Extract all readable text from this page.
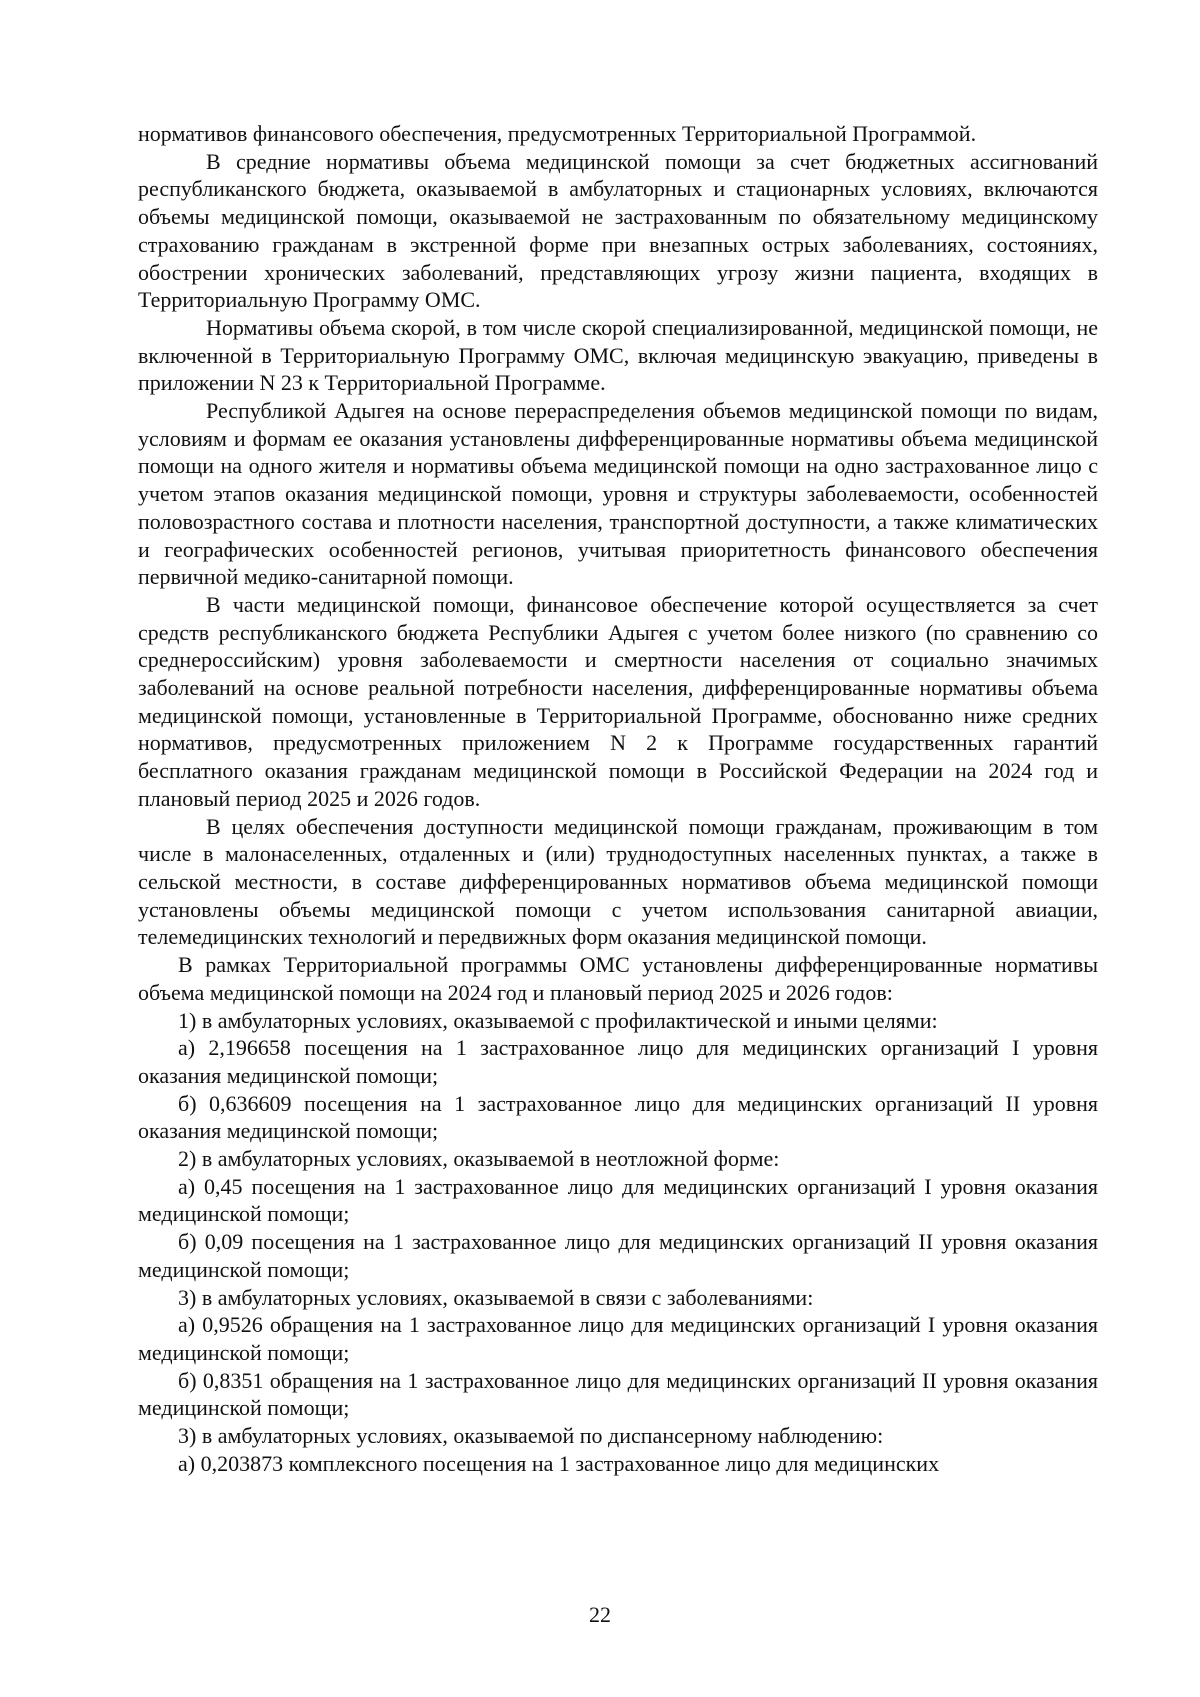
нормативов финансового обеспечения, предусмотренных Территориальной Программой.

В средние нормативы объема медицинской помощи за счет бюджетных ассигнований республиканского бюджета, оказываемой в амбулаторных и стационарных условиях, включаются объемы медицинской помощи, оказываемой не застрахованным по обязательному медицинскому страхованию гражданам в экстренной форме при внезапных острых заболеваниях, состояниях, обострении хронических заболеваний, представляющих угрозу жизни пациента, входящих в Территориальную Программу ОМС.

Нормативы объема скорой, в том числе скорой специализированной, медицинской помощи, не включенной в Территориальную Программу ОМС, включая медицинскую эвакуацию, приведены в приложении N 23 к Территориальной Программе.

Республикой Адыгея на основе перераспределения объемов медицинской помощи по видам, условиям и формам ее оказания установлены дифференцированные нормативы объема медицинской помощи на одного жителя и нормативы объема медицинской помощи на одно застрахованное лицо с учетом этапов оказания медицинской помощи, уровня и структуры заболеваемости, особенностей половозрастного состава и плотности населения, транспортной доступности, а также климатических и географических особенностей регионов, учитывая приоритетность финансового обеспечения первичной медико-санитарной помощи.

В части медицинской помощи, финансовое обеспечение которой осуществляется за счет средств республиканского бюджета Республики Адыгея с учетом более низкого (по сравнению со среднероссийским) уровня заболеваемости и смертности населения от социально значимых заболеваний на основе реальной потребности населения, дифференцированные нормативы объема медицинской помощи, установленные в Территориальной Программе, обоснованно ниже средних нормативов, предусмотренных приложением N 2 к Программе государственных гарантий бесплатного оказания гражданам медицинской помощи в Российской Федерации на 2024 год и плановый период 2025 и 2026 годов.

В целях обеспечения доступности медицинской помощи гражданам, проживающим в том числе в малонаселенных, отдаленных и (или) труднодоступных населенных пунктах, а также в сельской местности, в составе дифференцированных нормативов объема медицинской помощи установлены объемы медицинской помощи с учетом использования санитарной авиации, телемедицинских технологий и передвижных форм оказания медицинской помощи.

В рамках Территориальной программы ОМС установлены дифференцированные нормативы объема медицинской помощи на 2024 год и плановый период 2025 и 2026 годов:

1) в амбулаторных условиях, оказываемой с профилактической и иными целями:

а) 2,196658 посещения на 1 застрахованное лицо для медицинских организаций I уровня оказания медицинской помощи;

б) 0,636609 посещения на 1 застрахованное лицо для медицинских организаций II уровня оказания медицинской помощи;

2) в амбулаторных условиях, оказываемой в неотложной форме:

а) 0,45 посещения на 1 застрахованное лицо для медицинских организаций I уровня оказания медицинской помощи;

б) 0,09 посещения на 1 застрахованное лицо для медицинских организаций II уровня оказания медицинской помощи;

3) в амбулаторных условиях, оказываемой в связи с заболеваниями:

а) 0,9526 обращения на 1 застрахованное лицо для медицинских организаций I уровня оказания медицинской помощи;

б) 0,8351 обращения на 1 застрахованное лицо для медицинских организаций II уровня оказания медицинской помощи;

3) в амбулаторных условиях, оказываемой по диспансерному наблюдению:

а) 0,203873 комплексного посещения на 1 застрахованное лицо для медицинских

22
